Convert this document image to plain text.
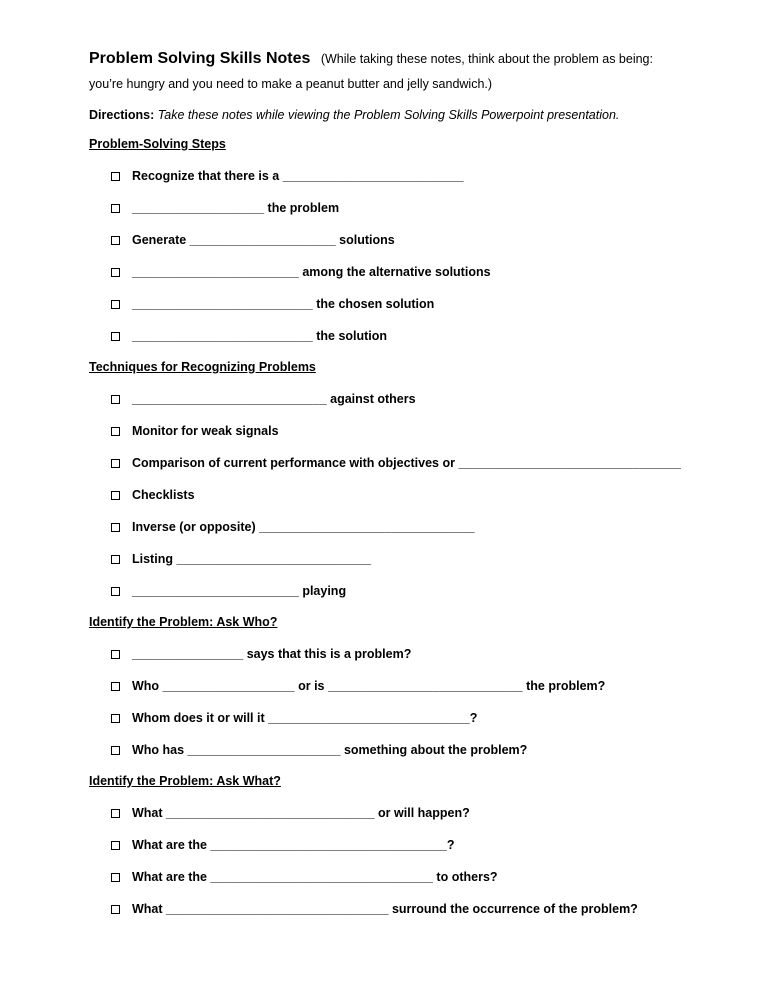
Problem Solving Skills Notes (While taking these notes, think about the problem as being:
you’re hungry and you need to make a peanut butter and jelly sandwich.)
Directions: Take these notes while viewing the Problem Solving Skills Powerpoint presentation.
Problem-Solving Steps
Recognize that there is a __________________________
___________________ the problem
Generate _____________________ solutions
________________________ among the alternative solutions
__________________________ the chosen solution
__________________________ the solution
Techniques for Recognizing Problems
____________________________ against others
Monitor for weak signals
Comparison of current performance with objectives or ________________________________
Checklists
Inverse (or opposite) _______________________________
Listing ____________________________
________________________ playing
Identify the Problem: Ask Who?
________________ says that this is a problem?
Who ___________________ or is ____________________________ the problem?
Whom does it or will it _____________________________?
Who has ______________________ something about the problem?
Identify the Problem: Ask What?
What ______________________________ or will happen?
What are the __________________________________?
What are the ________________________________ to others?
What ________________________________ surround the occurrence of the problem?
